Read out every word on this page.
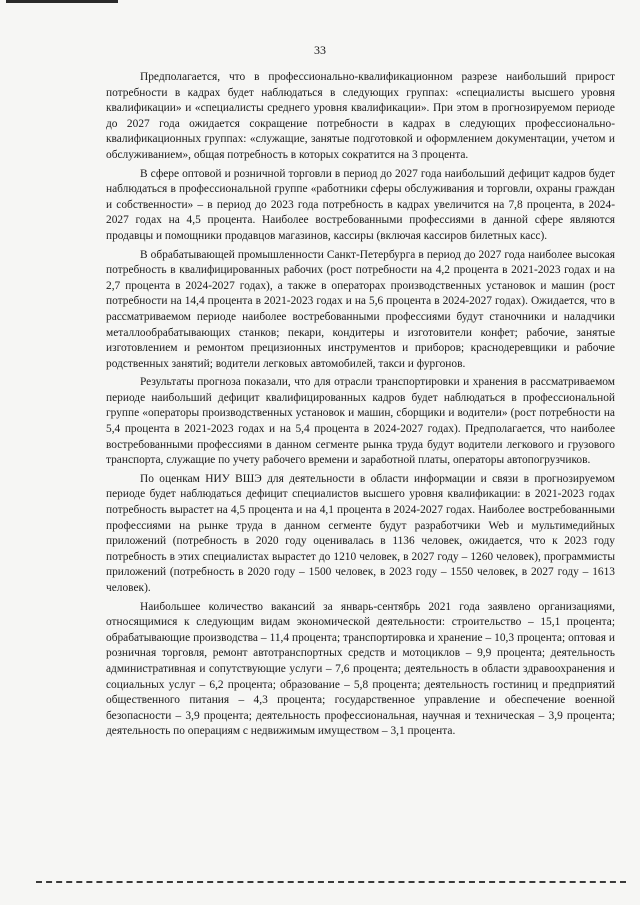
33

Предполагается, что в профессионально-квалификационном разрезе наибольший прирост потребности в кадрах будет наблюдаться в следующих группах: «специалисты высшего уровня квалификации» и «специалисты среднего уровня квалификации». При этом в прогнозируемом периоде до 2027 года ожидается сокращение потребности в кадрах в следующих профессионально-квалификационных группах: «служащие, занятые подготовкой и оформлением документации, учетом и обслуживанием», общая потребность в которых сократится на 3 процента.

В сфере оптовой и розничной торговли в период до 2027 года наибольший дефицит кадров будет наблюдаться в профессиональной группе «работники сферы обслуживания и торговли, охраны граждан и собственности» – в период до 2023 года потребность в кадрах увеличится на 7,8 процента, в 2024-2027 годах на 4,5 процента. Наиболее востребованными профессиями в данной сфере являются продавцы и помощники продавцов магазинов, кассиры (включая кассиров билетных касс).

В обрабатывающей промышленности Санкт-Петербурга в период до 2027 года наиболее высокая потребность в квалифицированных рабочих (рост потребности на 4,2 процента в 2021-2023 годах и на 2,7 процента в 2024-2027 годах), а также в операторах производственных установок и машин (рост потребности на 14,4 процента в 2021-2023 годах и на 5,6 процента в 2024-2027 годах). Ожидается, что в рассматриваемом периоде наиболее востребованными профессиями будут станочники и наладчики металлообрабатывающих станков; пекари, кондитеры и изготовители конфет; рабочие, занятые изготовлением и ремонтом прецизионных инструментов и приборов; краснодеревщики и рабочие родственных занятий; водители легковых автомобилей, такси и фургонов.

Результаты прогноза показали, что для отрасли транспортировки и хранения в рассматриваемом периоде наибольший дефицит квалифицированных кадров будет наблюдаться в профессиональной группе «операторы производственных установок и машин, сборщики и водители» (рост потребности на 5,4 процента в 2021-2023 годах и на 5,4 процента в 2024-2027 годах). Предполагается, что наиболее востребованными профессиями в данном сегменте рынка труда будут водители легкового и грузового транспорта, служащие по учету рабочего времени и заработной платы, операторы автопогрузчиков.

По оценкам НИУ ВШЭ для деятельности в области информации и связи в прогнозируемом периоде будет наблюдаться дефицит специалистов высшего уровня квалификации: в 2021-2023 годах потребность вырастет на 4,5 процента и на 4,1 процента в 2024-2027 годах. Наиболее востребованными профессиями на рынке труда в данном сегменте будут разработчики Web и мультимедийных приложений (потребность в 2020 году оценивалась в 1136 человек, ожидается, что к 2023 году потребность в этих специалистах вырастет до 1210 человек, в 2027 году – 1260 человек), программисты приложений (потребность в 2020 году – 1500 человек, в 2023 году – 1550 человек, в 2027 году – 1613 человек).

Наибольшее количество вакансий за январь-сентябрь 2021 года заявлено организациями, относящимися к следующим видам экономической деятельности: строительство – 15,1 процента; обрабатывающие производства – 11,4 процента; транспортировка и хранение – 10,3 процента; оптовая и розничная торговля, ремонт автотранспортных средств и мотоциклов – 9,9 процента; деятельность административная и сопутствующие услуги – 7,6 процента; деятельность в области здравоохранения и социальных услуг – 6,2 процента; образование – 5,8 процента; деятельность гостиниц и предприятий общественного питания – 4,3 процента; государственное управление и обеспечение военной безопасности – 3,9 процента; деятельность профессиональная, научная и техническая – 3,9 процента; деятельность по операциям с недвижимым имуществом – 3,1 процента.
